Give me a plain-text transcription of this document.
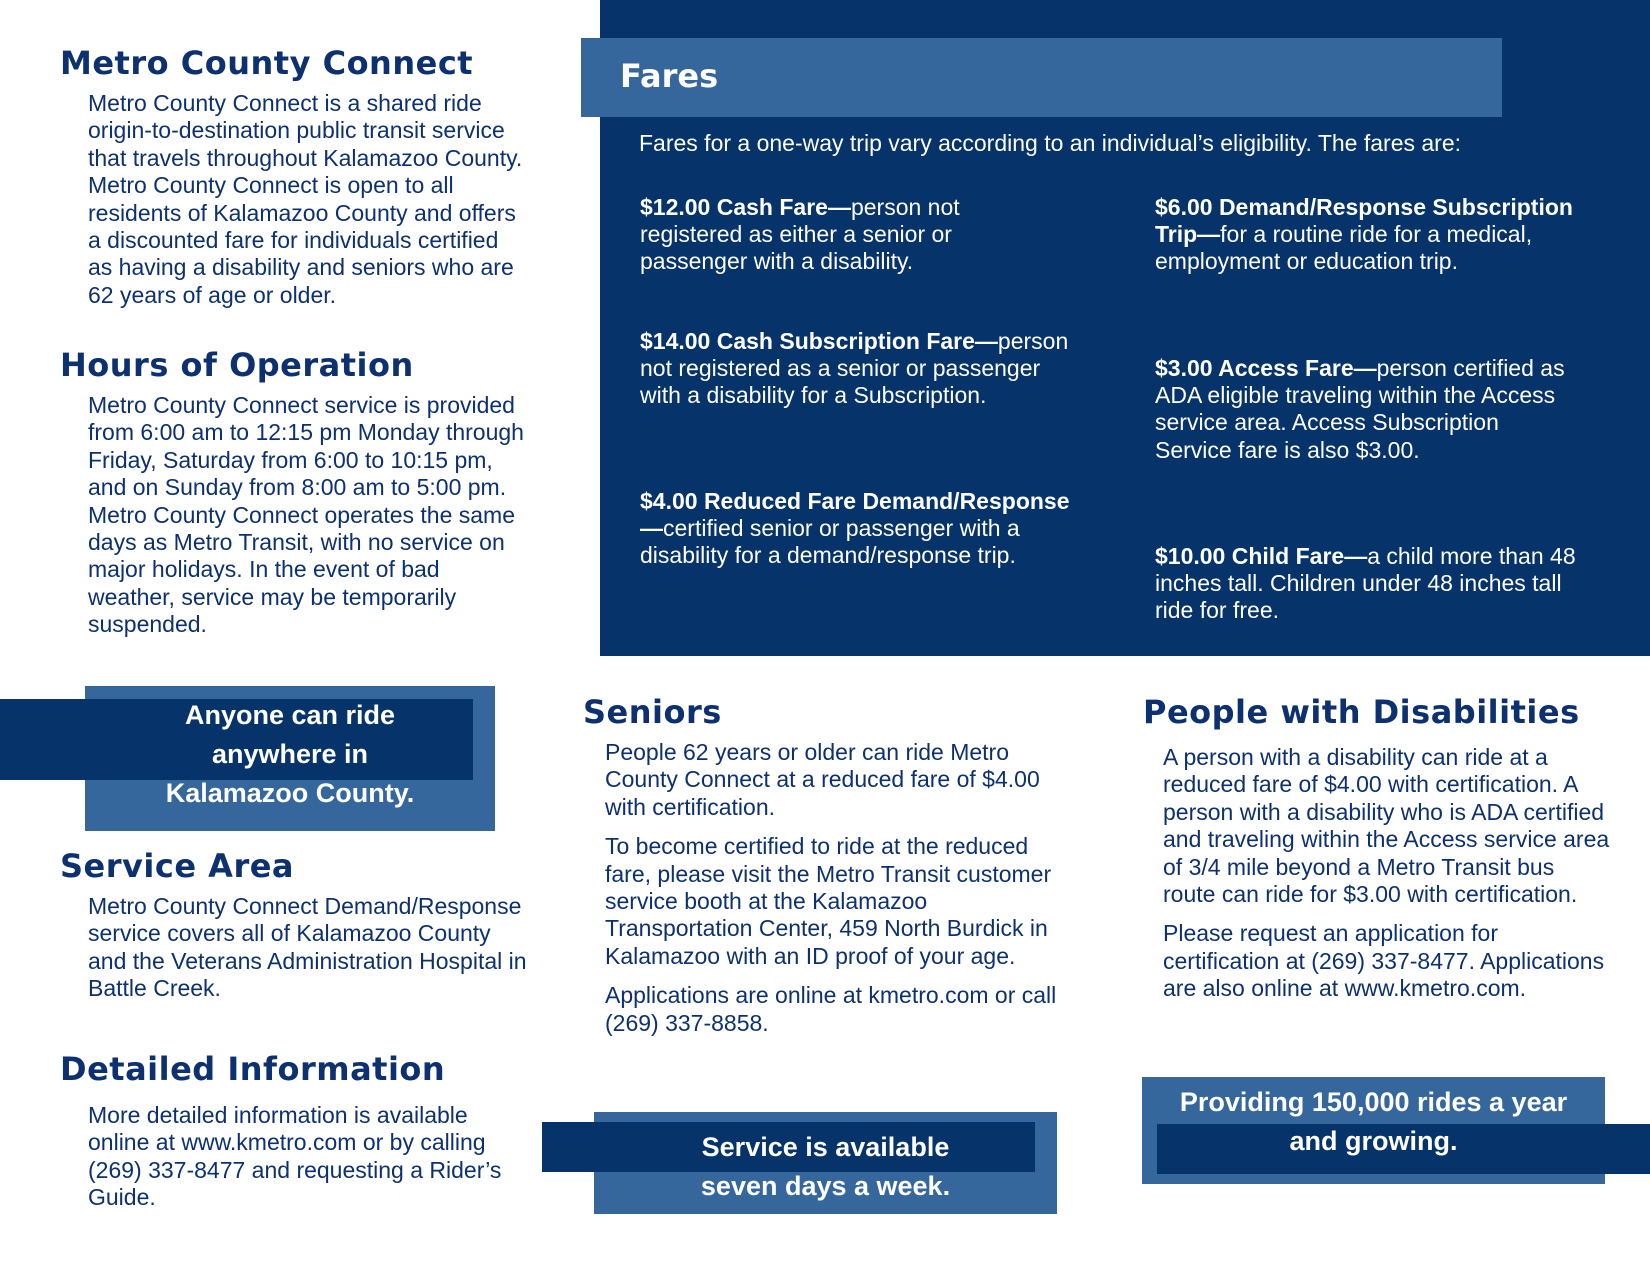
Metro County Connect
Metro County Connect is a shared ride origin-to-destination public transit service that travels throughout Kalamazoo County. Metro County Connect is open to all residents of Kalamazoo County and offers a discounted fare for individuals certified as having a disability and seniors who are 62 years of age or older.
Hours of Operation
Metro County Connect service is provided from 6:00 am to 12:15 pm Monday through Friday, Saturday from 6:00 to 10:15 pm, and on Sunday from 8:00 am to 5:00 pm. Metro County Connect operates the same days as Metro Transit, with no service on major holidays. In the event of bad weather, service may be temporarily suspended.
Anyone can ride
anywhere in
Kalamazoo County.
Service Area
Metro County Connect Demand/Response service covers all of Kalamazoo County and the Veterans Administration Hospital in Battle Creek.
Detailed Information
More detailed information is available online at www.kmetro.com or by calling (269) 337-8477 and requesting a Rider’s Guide.
Fares

Fares for a one-way trip vary according to an individual’s eligibility. The fares are:

$12.00 Cash Fare—person not registered as either a senior or passenger with a disability.
$14.00 Cash Subscription Fare—person not registered as a senior or passenger with a disability for a Subscription.
$4.00 Reduced Fare Demand/Response—certified senior or passenger with a disability for a demand/response trip.
$6.00 Demand/Response Subscription Trip—for a routine ride for a medical, employment or education trip.
$3.00 Access Fare—person certified as ADA eligible traveling within the Access service area. Access Subscription Service fare is also $3.00.
$10.00 Child Fare—a child more than 48 inches tall. Children under 48 inches tall ride for free.
Seniors

People 62 years or older can ride Metro County Connect at a reduced fare of $4.00 with certification.

To become certified to ride at the reduced fare, please visit the Metro Transit customer service booth at the Kalamazoo Transportation Center, 459 North Burdick in Kalamazoo with an ID proof of your age.

Applications are online at kmetro.com or call (269) 337-8858.

Service is available
seven days a week.
People with Disabilities

A person with a disability can ride at a reduced fare of $4.00 with certification. A person with a disability who is ADA certified and traveling within the Access service area of 3/4 mile beyond a Metro Transit bus route can ride for $3.00 with certification.

Please request an application for certification at (269) 337-8477. Applications are also online at www.kmetro.com.

Providing 150,000 rides a year
and growing.
